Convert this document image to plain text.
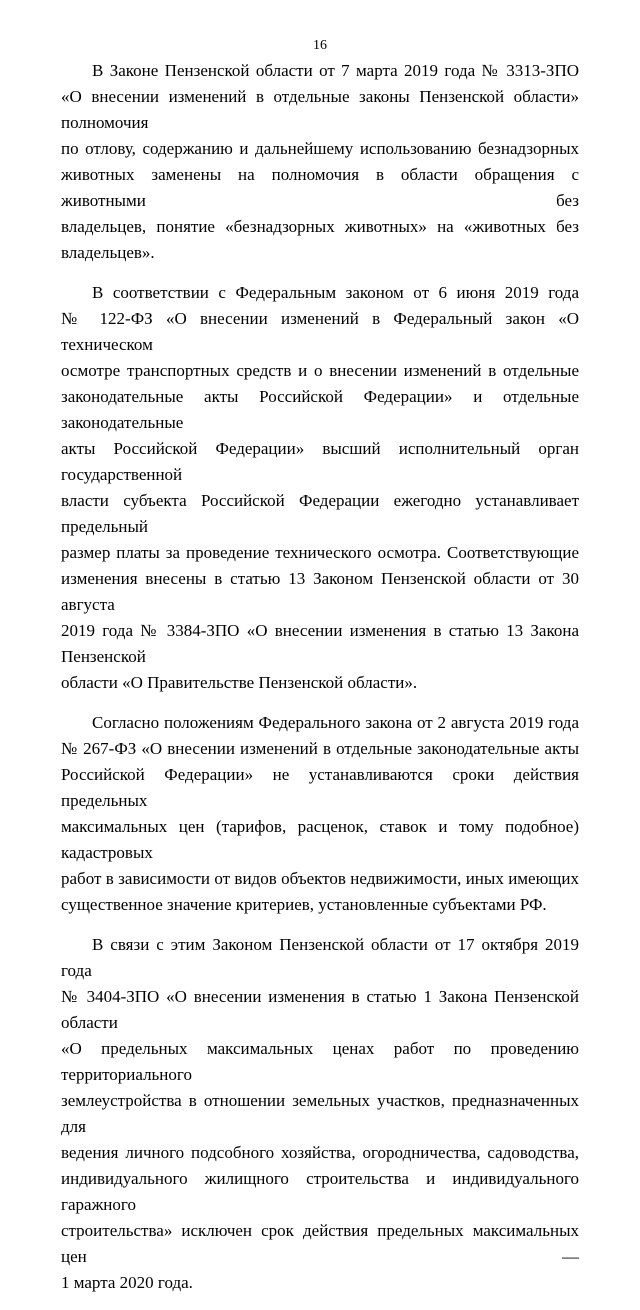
16

В Законе Пензенской области от 7 марта 2019 года № 3313-ЗПО
«О внесении изменений в отдельные законы Пензенской области» полномочия
по отлову, содержанию и дальнейшему использованию безнадзорных
животных заменены на полномочия в области обращения с животными без
владельцев, понятие «безнадзорных животных» на «животных без владельцев».

В соответствии с Федеральным законом от 6 июня 2019 года
№ 122-ФЗ «О внесении изменений в Федеральный закон «О техническом
осмотре транспортных средств и о внесении изменений в отдельные
законодательные акты Российской Федерации» и отдельные законодательные
акты Российской Федерации» высший исполнительный орган государственной
власти субъекта Российской Федерации ежегодно устанавливает предельный
размер платы за проведение технического осмотра. Соответствующие
изменения внесены в статью 13 Законом Пензенской области от 30 августа
2019 года № 3384-ЗПО «О внесении изменения в статью 13 Закона Пензенской
области «О Правительстве Пензенской области».

Согласно положениям Федерального закона от 2 августа 2019 года
№ 267-ФЗ «О внесении изменений в отдельные законодательные акты
Российской Федерации» не устанавливаются сроки действия предельных
максимальных цен (тарифов, расценок, ставок и тому подобное) кадастровых
работ в зависимости от видов объектов недвижимости, иных имеющих
существенное значение критериев, установленные субъектами РФ.

В связи с этим Законом Пензенской области от 17 октября 2019 года
№ 3404-ЗПО «О внесении изменения в статью 1 Закона Пензенской области
«О предельных максимальных ценах работ по проведению территориального
землеустройства в отношении земельных участков, предназначенных для
ведения личного подсобного хозяйства, огородничества, садоводства,
индивидуального жилищного строительства и индивидуального гаражного
строительства» исключен срок действия предельных максимальных цен —
1 марта 2020 года.
